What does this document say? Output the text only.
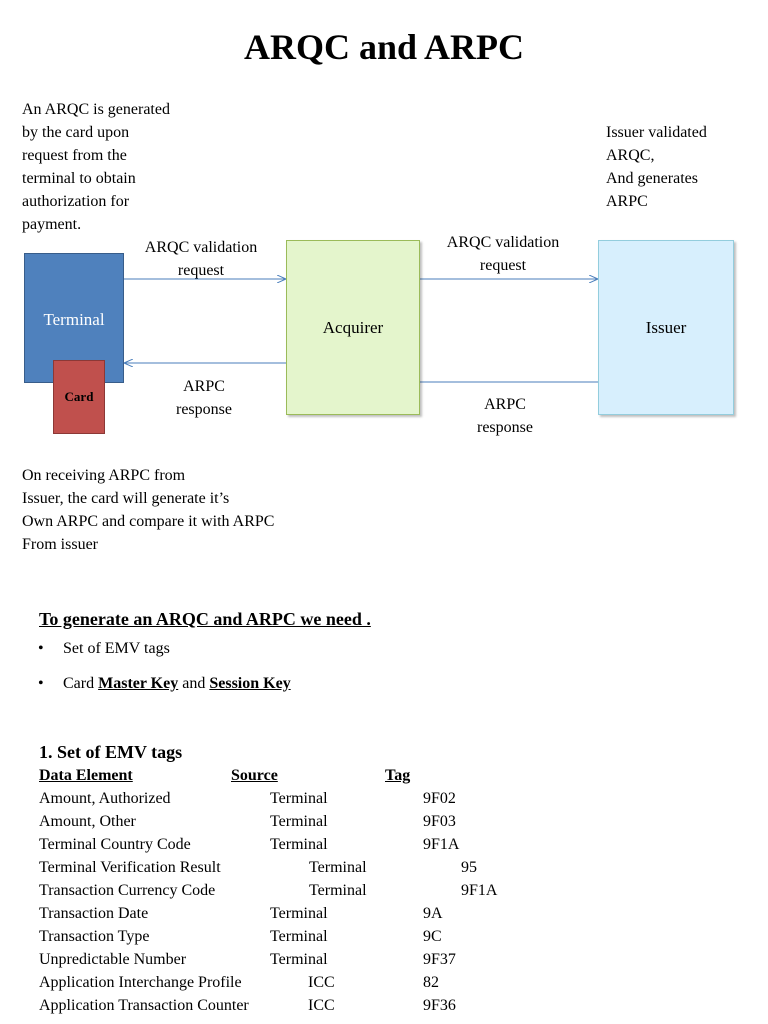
ARQC and ARPC
An ARQC is generated
by the card upon
request from the
terminal to obtain
authorization for
payment.
Issuer validated
ARQC,
And generates
ARPC
Terminal
Card
Acquirer	Issuer
ARQC validation
request
ARPC
response
ARQC validation
request
ARPC
response
On receiving ARPC from
Issuer, the card will generate it’s
Own ARPC and compare it with ARPC
From issuer
To generate an ARQC and ARPC we need .
• Set of EMV tags
• Card Master Key and Session Key
1. Set of EMV tags
Data Element	Source	Tag
Amount, Authorized	Terminal	9F02
Amount, Other	Terminal	9F03
Terminal Country Code	Terminal	9F1A
Terminal Verification Result	Terminal	95
Transaction Currency Code	Terminal	9F1A
Transaction Date	Terminal	9A
Transaction Type	Terminal	9C
Unpredictable Number	Terminal	9F37
Application Interchange Profile	ICC	82
Application Transaction Counter	ICC	9F36
